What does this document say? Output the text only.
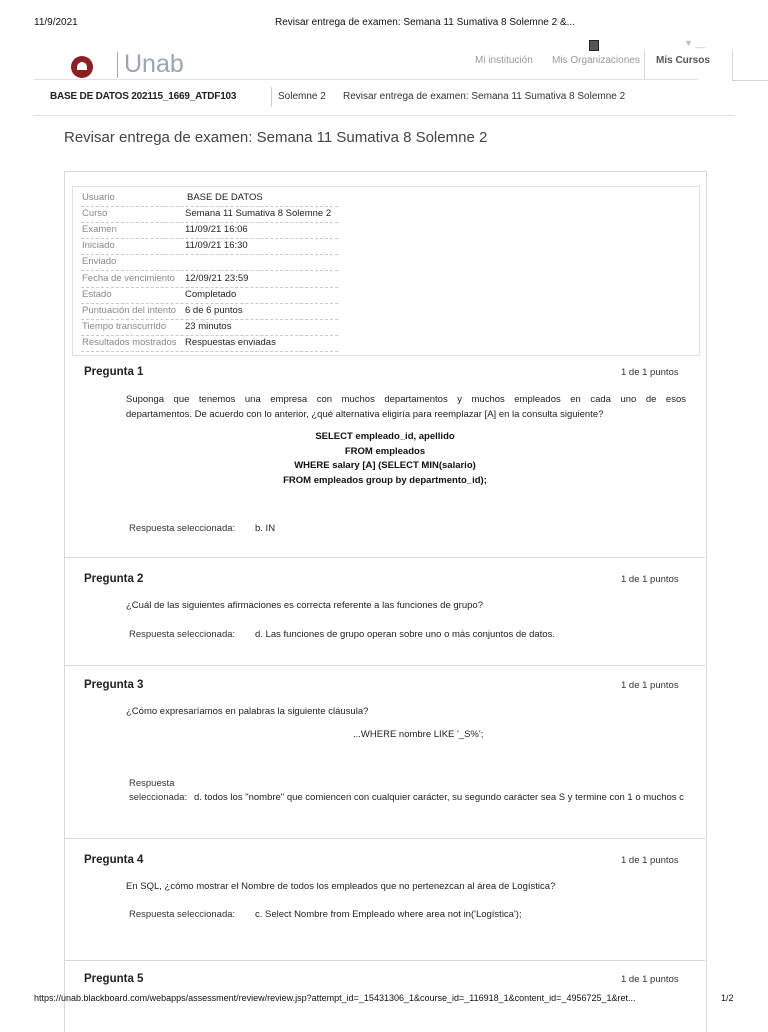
11/9/2021	Revisar entrega de examen: Semana 11 Sumativa 8 Solemne 2 &...
Unab	Mi institución Mis Organizaciones Mis Cursos
▼ __
BASE DE DATOS 202115_1669_ATDF103	Solemne 2 Revisar entrega de examen: Semana 11 Sumativa 8 Solemne 2
Revisar entrega de examen: Semana 11 Sumativa 8 Solemne 2
Usuario	BASE DE DATOS
Curso	Semana 11 Sumativa 8 Solemne 2
Examen	11/09/21 16:06
Iniciado	11/09/21 16:30
Enviado
Fecha de vencimiento 12/09/21 23:59
Estado	Completado
Puntuación del intento 6 de 6 puntos
Tiempo transcurrido 23 minutos
Resultados mostrados Respuestas enviadas
Pregunta 1	1 de 1 puntos
Suponga que tenemos una empresa con muchos departamentos y muchos empleados en cada uno de esos
departamentos. De acuerdo con lo anterior, ¿qué alternativa eligiría para reemplazar [A] en la consulta siguiente?
SELECT empleado_id, apellido
FROM empleados
WHERE salary [A] (SELECT MIN(salario)
FROM empleados group by departmento_id);
Respuesta seleccionada: b. IN
Pregunta 2	1 de 1 puntos
¿Cuál de las siguientes afirmaciones es correcta referente a las funciones de grupo?
Respuesta seleccionada: d. Las funciones de grupo operan sobre uno o más conjuntos de datos.
Pregunta 3	1 de 1 puntos
¿Cómo expresaríamos en palabras la siguiente cláusula?
...WHERE nombre LIKE '_S%';
Respuesta
seleccionada: d. todos los "nombre" que comiencen con cualquier carácter, su segundo carácter sea S y termine con 1 o muchos c
Pregunta 4	1 de 1 puntos
En SQL, ¿cómo mostrar el Nombre de todos los empleados que no pertenezcan al área de Logística?
Respuesta seleccionada: c. Select Nombre from Empleado where area not in('Logística');
Pregunta 5	1 de 1 puntos
https://unab.blackboard.com/webapps/assessment/review/review.jsp?attempt_id=_15431306_1&course_id=_116918_1&content_id=_4956725_1&ret...	1/2
